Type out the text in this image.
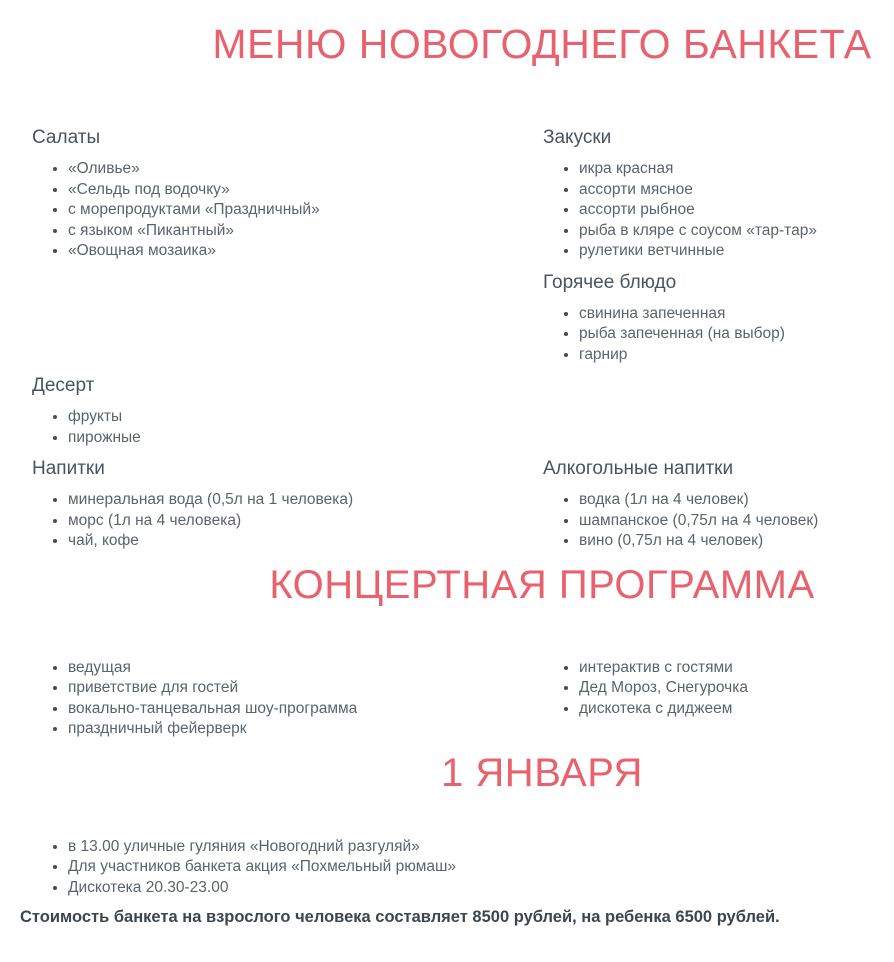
МЕНЮ НОВОГОДНЕГО БАНКЕТА
Салаты
• «Оливье»
• «Сельдь под водочку»
• с морепродуктами «Праздничный»
• с языком «Пикантный»
• «Овощная мозаика»
Закуски
• икра красная
• ассорти мясное
• ассорти рыбное
• рыба в кляре с соусом «тар-тар»
• рулетики ветчинные
Горячее блюдо
• свинина запеченная
• рыба запеченная (на выбор)
• гарнир
Десерт
• фрукты
• пирожные
Напитки
• минеральная вода (0,5л на 1 человека)
• морс (1л на 4 человека)
• чай, кофе
Алкогольные напитки
• водка (1л на 4 человек)
• шампанское (0,75л на 4 человек)
• вино (0,75л на 4 человек)
КОНЦЕРТНАЯ ПРОГРАММА
• ведущая
• приветствие для гостей
• вокально-танцевальная шоу-программа
• праздничный фейерверк
• интерактив с гостями
• Дед Мороз, Снегурочка
• дискотека с диджеем
1 ЯНВАРЯ
• в 13.00 уличные гуляния «Новогодний разгуляй»
• Для участников банкета акция «Похмельный рюмаш»
• Дискотека 20.30-23.00

Стоимость банкета на взрослого человека составляет 8500 рублей, на ребенка 6500 рублей.
